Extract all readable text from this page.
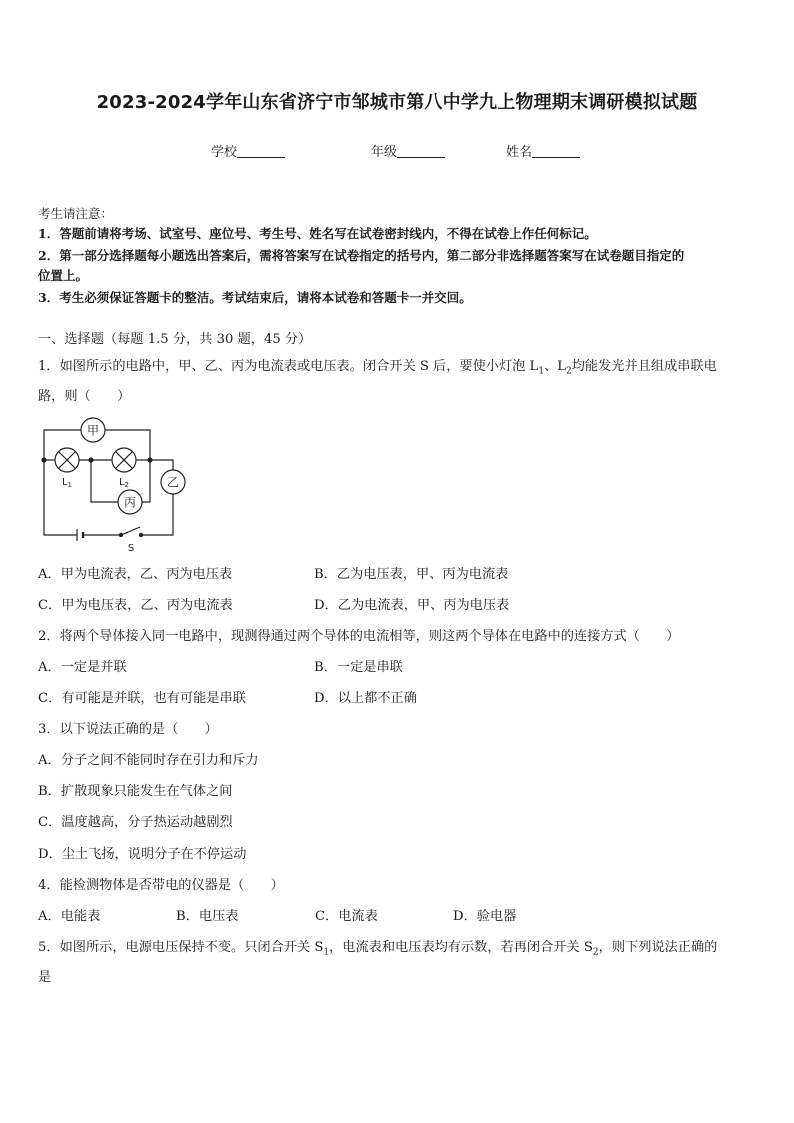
2023-2024学年山东省济宁市邹城市第八中学九上物理期末调研模拟试题
学校	年级	姓名
考生请注意：
1．答题前请将考场、试室号、座位号、考生号、姓名写在试卷密封线内，不得在试卷上作任何标记。
2．第一部分选择题每小题选出答案后，需将答案写在试卷指定的括号内，第二部分非选择题答案写在试卷题目指定的
位置上。
3．考生必须保证答题卡的整洁。考试结束后，请将本试卷和答题卡一并交回。
一、选择题（每题 1.5 分，共 30 题，45 分）
1．如图所示的电路中，甲、乙、丙为电流表或电压表。闭合开关 S 后，要使小灯泡 $L_1$、$L_2$均能发光并且组成串联电
路，则（　　）
甲
乙
丙
$L_1$	$L_2$
S
A．甲为电流表，乙、丙为电压表	B．乙为电压表，甲、丙为电流表
C．甲为电压表，乙、丙为电流表	D．乙为电流表，甲、丙为电压表
2．将两个导体接入同一电路中，现测得通过两个导体的电流相等，则这两个导体在电路中的连接方式（　　）
A．一定是并联	B．一定是串联
C．有可能是并联，也有可能是串联	D．以上都不正确
3．以下说法正确的是（　　）
A．分子之间不能同时存在引力和斥力
B．扩散现象只能发生在气体之间
C．温度越高，分子热运动越剧烈
D．尘土飞扬，说明分子在不停运动
4．能检测物体是否带电的仪器是（　　）
A．电能表	B．电压表	C．电流表	D．验电器
5．如图所示，电源电压保持不变。只闭合开关 $S_1$，电流表和电压表均有示数，若再闭合开关 $S_2$，则下列说法正确的
是
